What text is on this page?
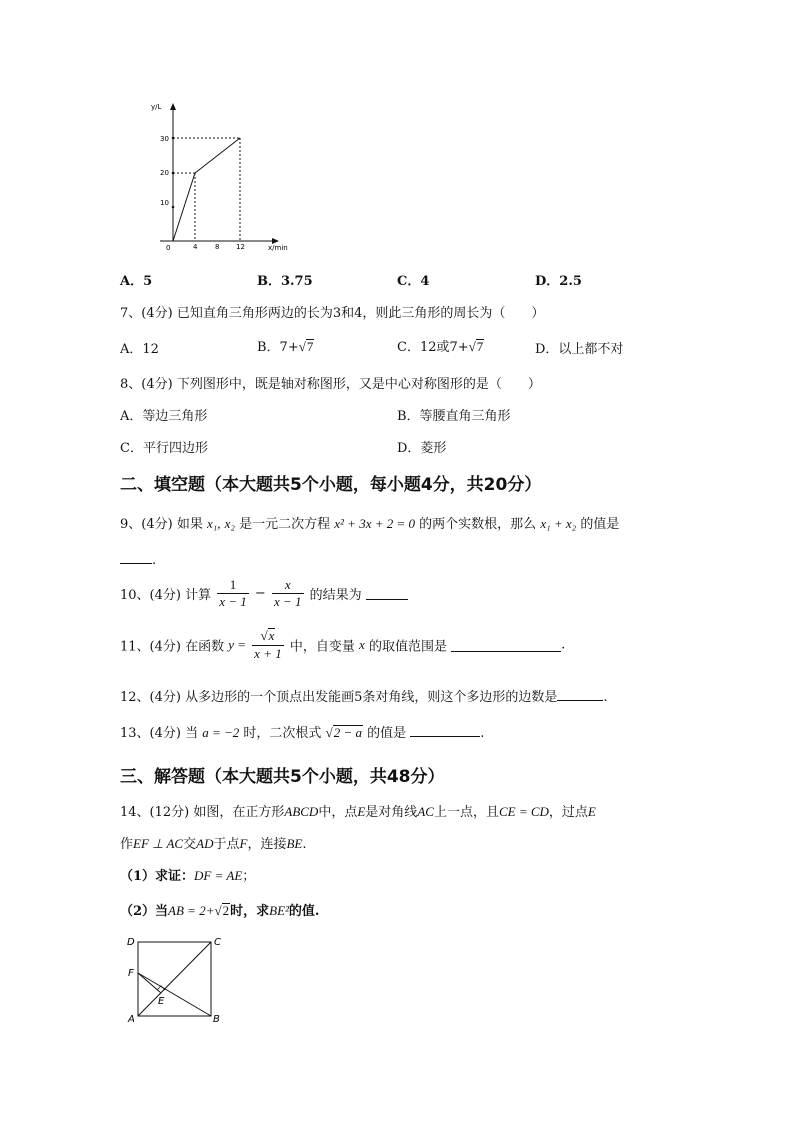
y/L
x/min
10
20
30
0	4	8 12
A．5	B．3.75	C．4	D．2.5
7、(4分) 已知直角三角形两边的长为3和4，则此三角形的周长为（　　）
A．12	B．7+√7	C．12或7+√7	D．以上都不对
8、(4分) 下列图形中，既是轴对称图形，又是中心对称图形的是（　　）
A．等边三角形	B．等腰直角三角形
C．平行四边形	D．菱形
二、填空题（本大题共5个小题，每小题4分，共20分）
9、(4分) 如果 x₁, x₂ 是一元二次方程 x² + 3x + 2 = 0 的两个实数根，那么 x₁ + x₂ 的值是
.
10、(4分) 计算 $\frac{1}{x - 1} - \frac{x}{x - 1}$ 的结果为
11、(4分) 在函数 $y = \frac{√x}{x + 1}$ 中，自变量 x 的取值范围是	.
12、(4分) 从多边形的一个顶点出发能画5条对角线，则这个多边形的边数是	.
13、(4分) 当 a = −2 时，二次根式 √2 − a 的值是	.
三、解答题（本大题共5个小题，共48分）
14、(12分) 如图，在正方形ABCD中，点E是对角线AC上一点，且CE = CD，过点E
作EF ⊥ AC交AD于点F，连接BE.
（1）求证：DF = AE；
（2）当AB = 2+√2时，求BE²的值.
D	C
F
E
A	B
